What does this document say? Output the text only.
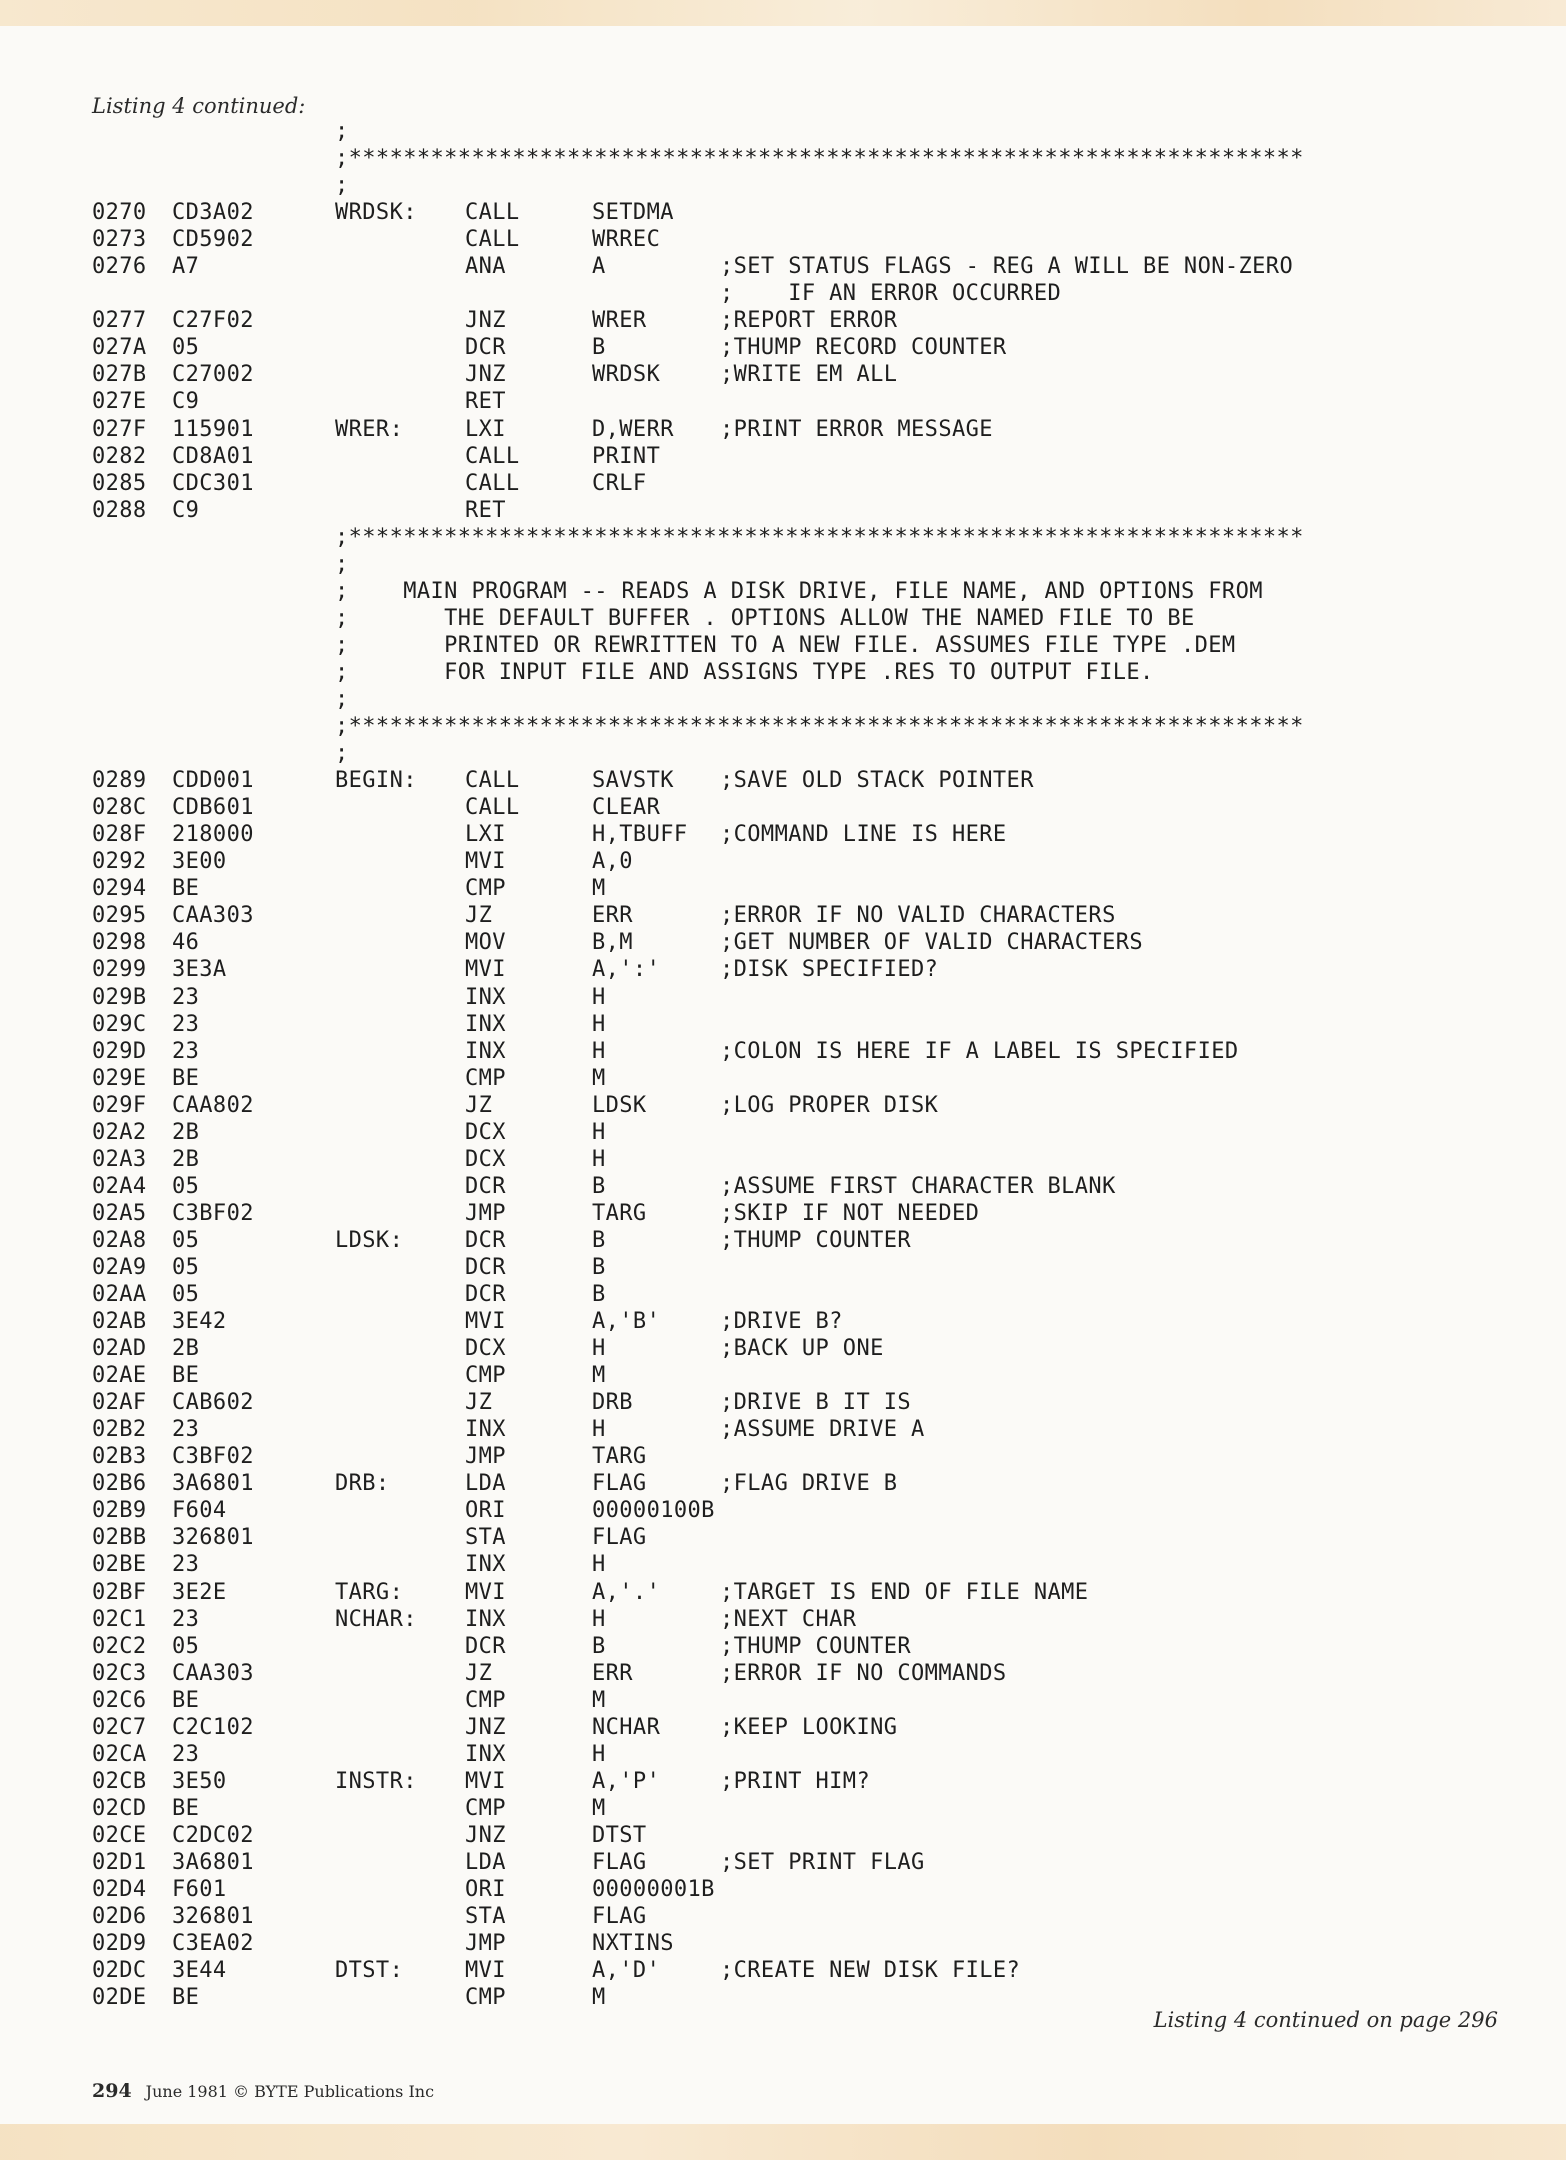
Listing 4 continued:
;
;**********************************************************************
;
0270	CD3A02	WRDSK:	CALL	SETDMA
0273	CD5902	CALL	WRREC
0276	A7	ANA	A	;SET STATUS FLAGS - REG A WILL BE NON-ZERO
;    IF AN ERROR OCCURRED
0277	C27F02	JNZ	WRER	;REPORT ERROR
027A	05	DCR	B	;THUMP RECORD COUNTER
027B	C27002	JNZ	WRDSK	;WRITE EM ALL
027E	C9	RET
027F	115901	WRER:	LXI	D,WERR	;PRINT ERROR MESSAGE
0282	CD8A01	CALL	PRINT
0285	CDC301	CALL	CRLF
0288	C9	RET
;**********************************************************************
;
;    MAIN PROGRAM -- READS A DISK DRIVE, FILE NAME, AND OPTIONS FROM
;       THE DEFAULT BUFFER . OPTIONS ALLOW THE NAMED FILE TO BE
;       PRINTED OR REWRITTEN TO A NEW FILE. ASSUMES FILE TYPE .DEM
;       FOR INPUT FILE AND ASSIGNS TYPE .RES TO OUTPUT FILE.
;
;**********************************************************************
;
0289	CDD001	BEGIN:	CALL	SAVSTK	;SAVE OLD STACK POINTER
028C	CDB601	CALL	CLEAR
028F	218000	LXI	H,TBUFF	;COMMAND LINE IS HERE
0292	3E00	MVI	A,0
0294	BE	CMP	M
0295	CAA303	JZ	ERR	;ERROR IF NO VALID CHARACTERS
0298	46	MOV	B,M	;GET NUMBER OF VALID CHARACTERS
0299	3E3A	MVI	A,':'	;DISK SPECIFIED?
029B	23	INX	H
029C	23	INX	H
029D	23	INX	H	;COLON IS HERE IF A LABEL IS SPECIFIED
029E	BE	CMP	M
029F	CAA802	JZ	LDSK	;LOG PROPER DISK
02A2	2B	DCX	H
02A3	2B	DCX	H
02A4	05	DCR	B	;ASSUME FIRST CHARACTER BLANK
02A5	C3BF02	JMP	TARG	;SKIP IF NOT NEEDED
02A8	05	LDSK:	DCR	B	;THUMP COUNTER
02A9	05	DCR	B
02AA	05	DCR	B
02AB	3E42	MVI	A,'B'	;DRIVE B?
02AD	2B	DCX	H	;BACK UP ONE
02AE	BE	CMP	M
02AF	CAB602	JZ	DRB	;DRIVE B IT IS
02B2	23	INX	H	;ASSUME DRIVE A
02B3	C3BF02	JMP	TARG
02B6	3A6801	DRB:	LDA	FLAG	;FLAG DRIVE B
02B9	F604	ORI	00000100B
02BB	326801	STA	FLAG
02BE	23	INX	H
02BF	3E2E	TARG:	MVI	A,'.'	;TARGET IS END OF FILE NAME
02C1	23	NCHAR:	INX	H	;NEXT CHAR
02C2	05	DCR	B	;THUMP COUNTER
02C3	CAA303	JZ	ERR	;ERROR IF NO COMMANDS
02C6	BE	CMP	M
02C7	C2C102	JNZ	NCHAR	;KEEP LOOKING
02CA	23	INX	H
02CB	3E50	INSTR:	MVI	A,'P'	;PRINT HIM?
02CD	BE	CMP	M
02CE	C2DC02	JNZ	DTST
02D1	3A6801	LDA	FLAG	;SET PRINT FLAG
02D4	F601	ORI	00000001B
02D6	326801	STA	FLAG
02D9	C3EA02	JMP	NXTINS
02DC	3E44	DTST:	MVI	A,'D'	;CREATE NEW DISK FILE?
02DE	BE	CMP	M
Listing 4 continued on page 296
294 June 1981 © BYTE Publications Inc
